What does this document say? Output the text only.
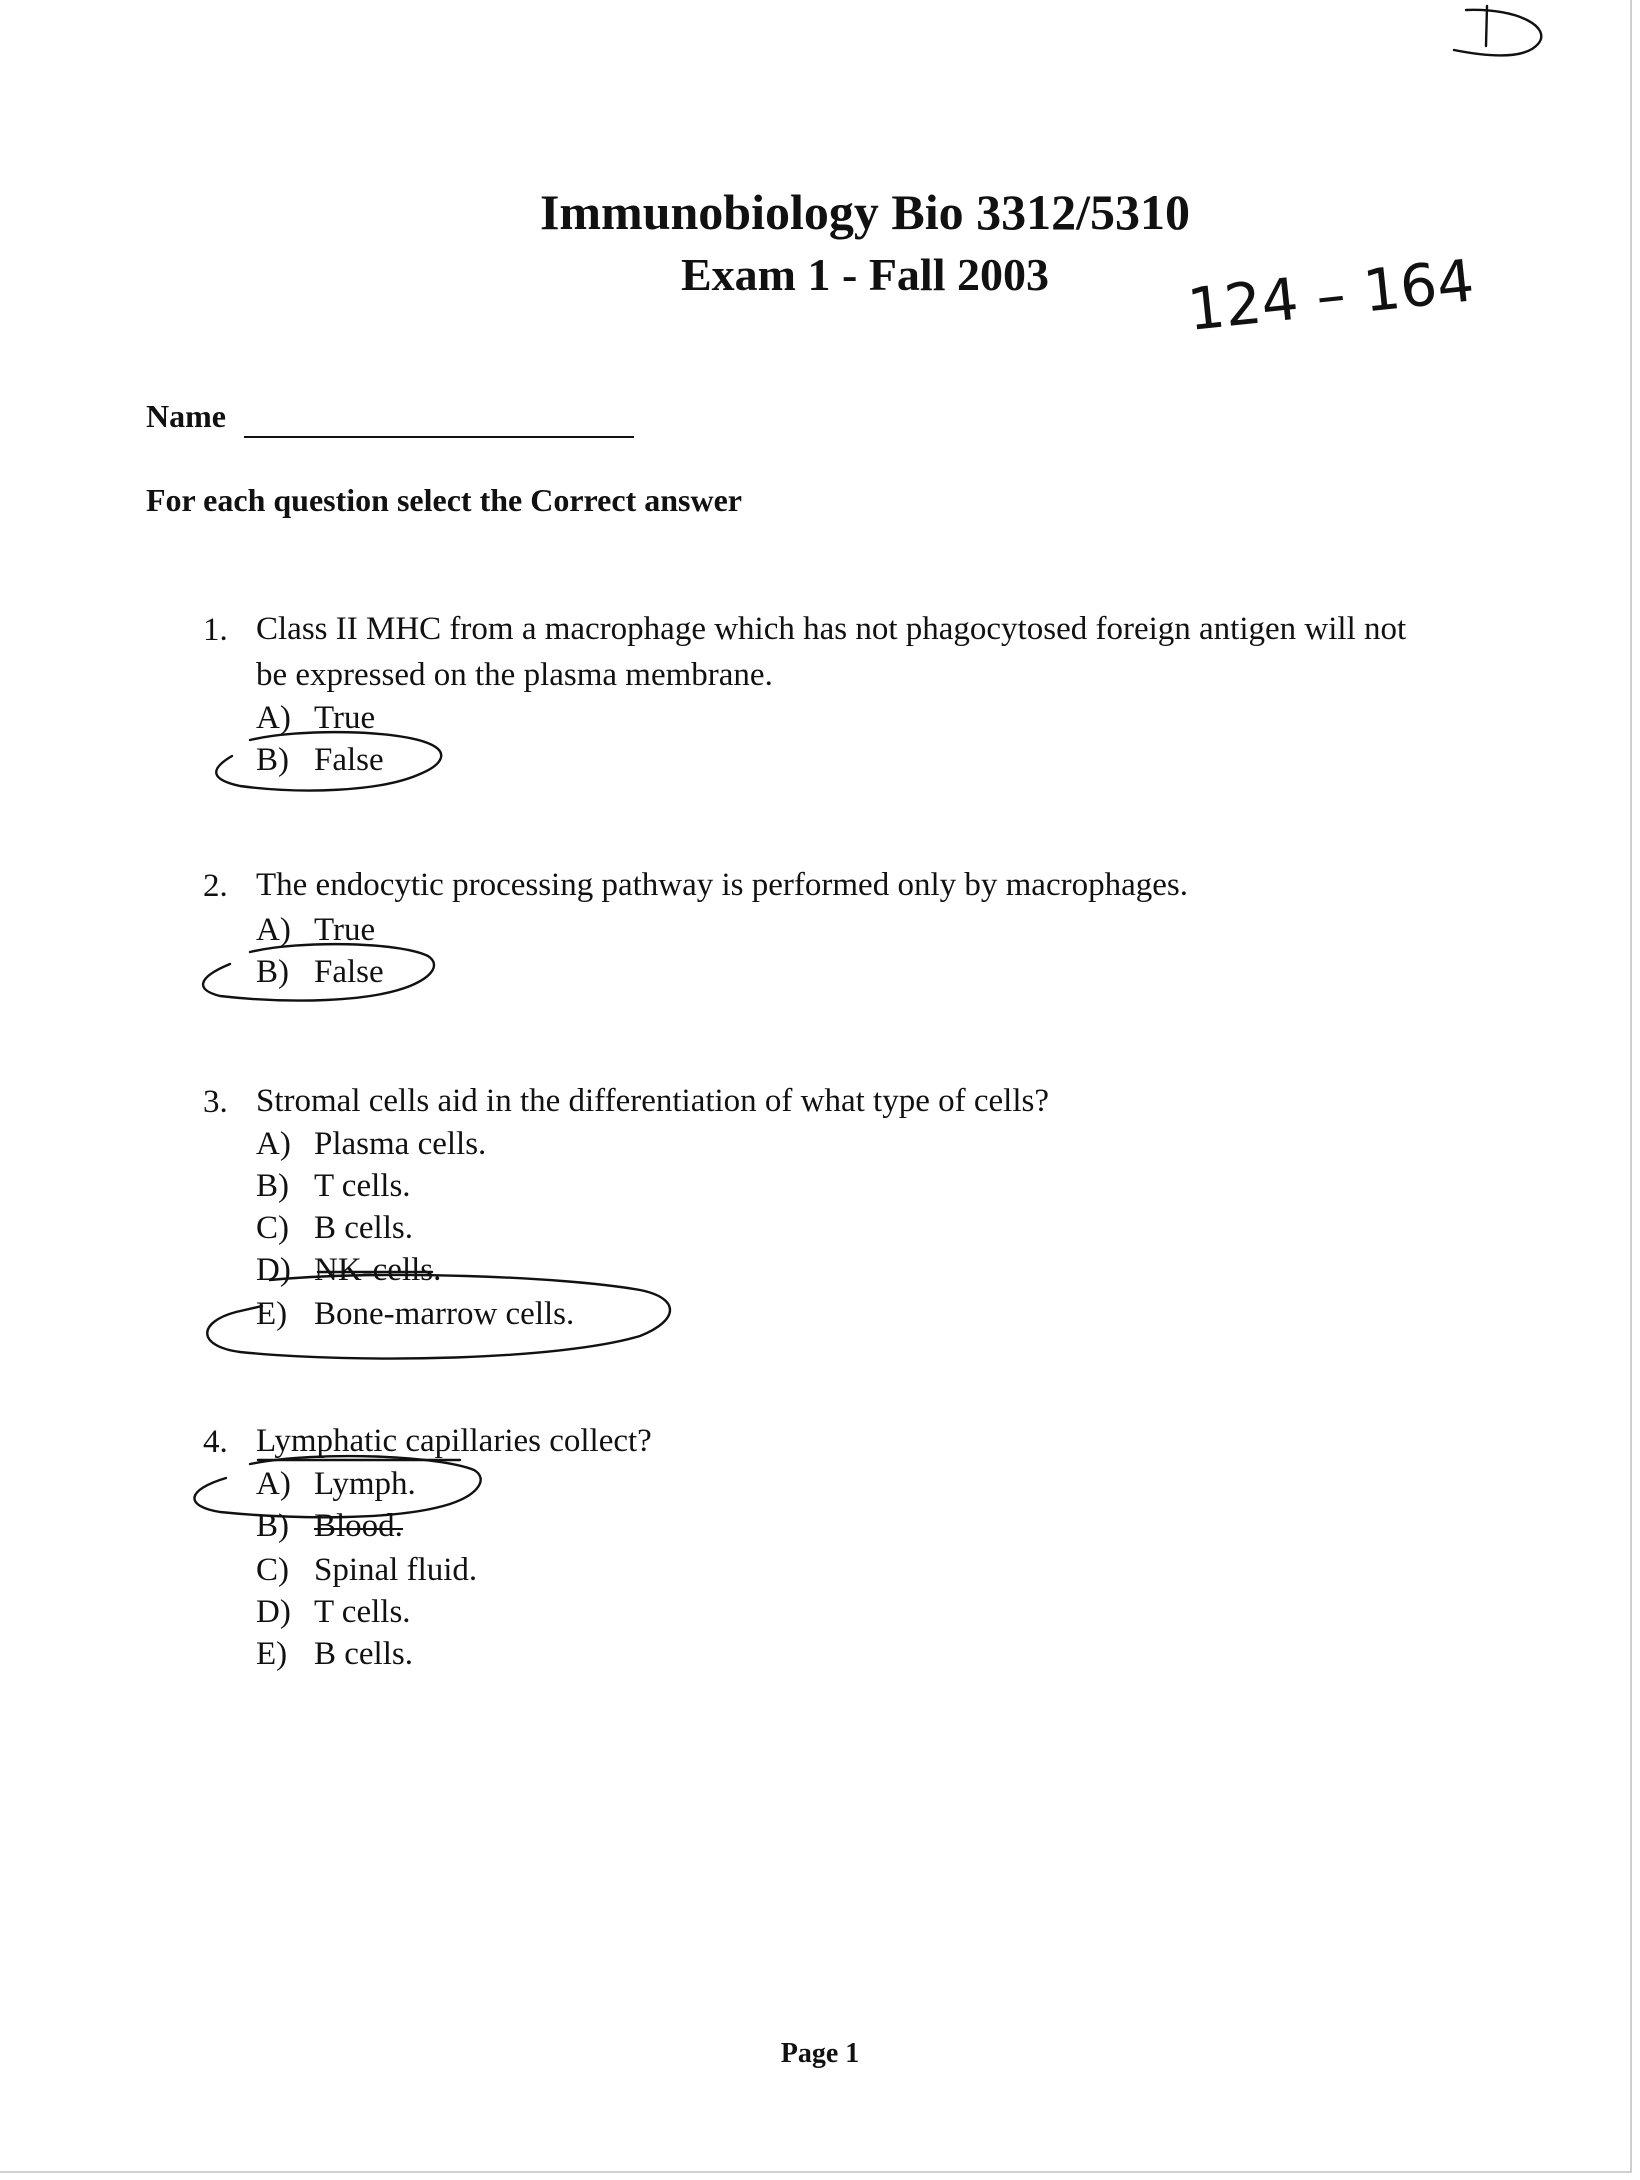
Immunobiology Bio 3312/5310
Exam 1 - Fall 2003
Name
For each question select the Correct answer
1. Class II MHC from a macrophage which has not phagocytosed foreign antigen will not
be expressed on the plasma membrane.
A) True
B) False
2. The endocytic processing pathway is performed only by macrophages.
A) True
B) False
3. Stromal cells aid in the differentiation of what type of cells?
A) Plasma cells.
B) T cells.
C) B cells.
D) NK-cells.
E) Bone-marrow cells.
4. Lymphatic capillaries collect?
A) Lymph.
B) Blood.
C) Spinal fluid.
D) T cells.
E) B cells.
Page 1
124 – 164
